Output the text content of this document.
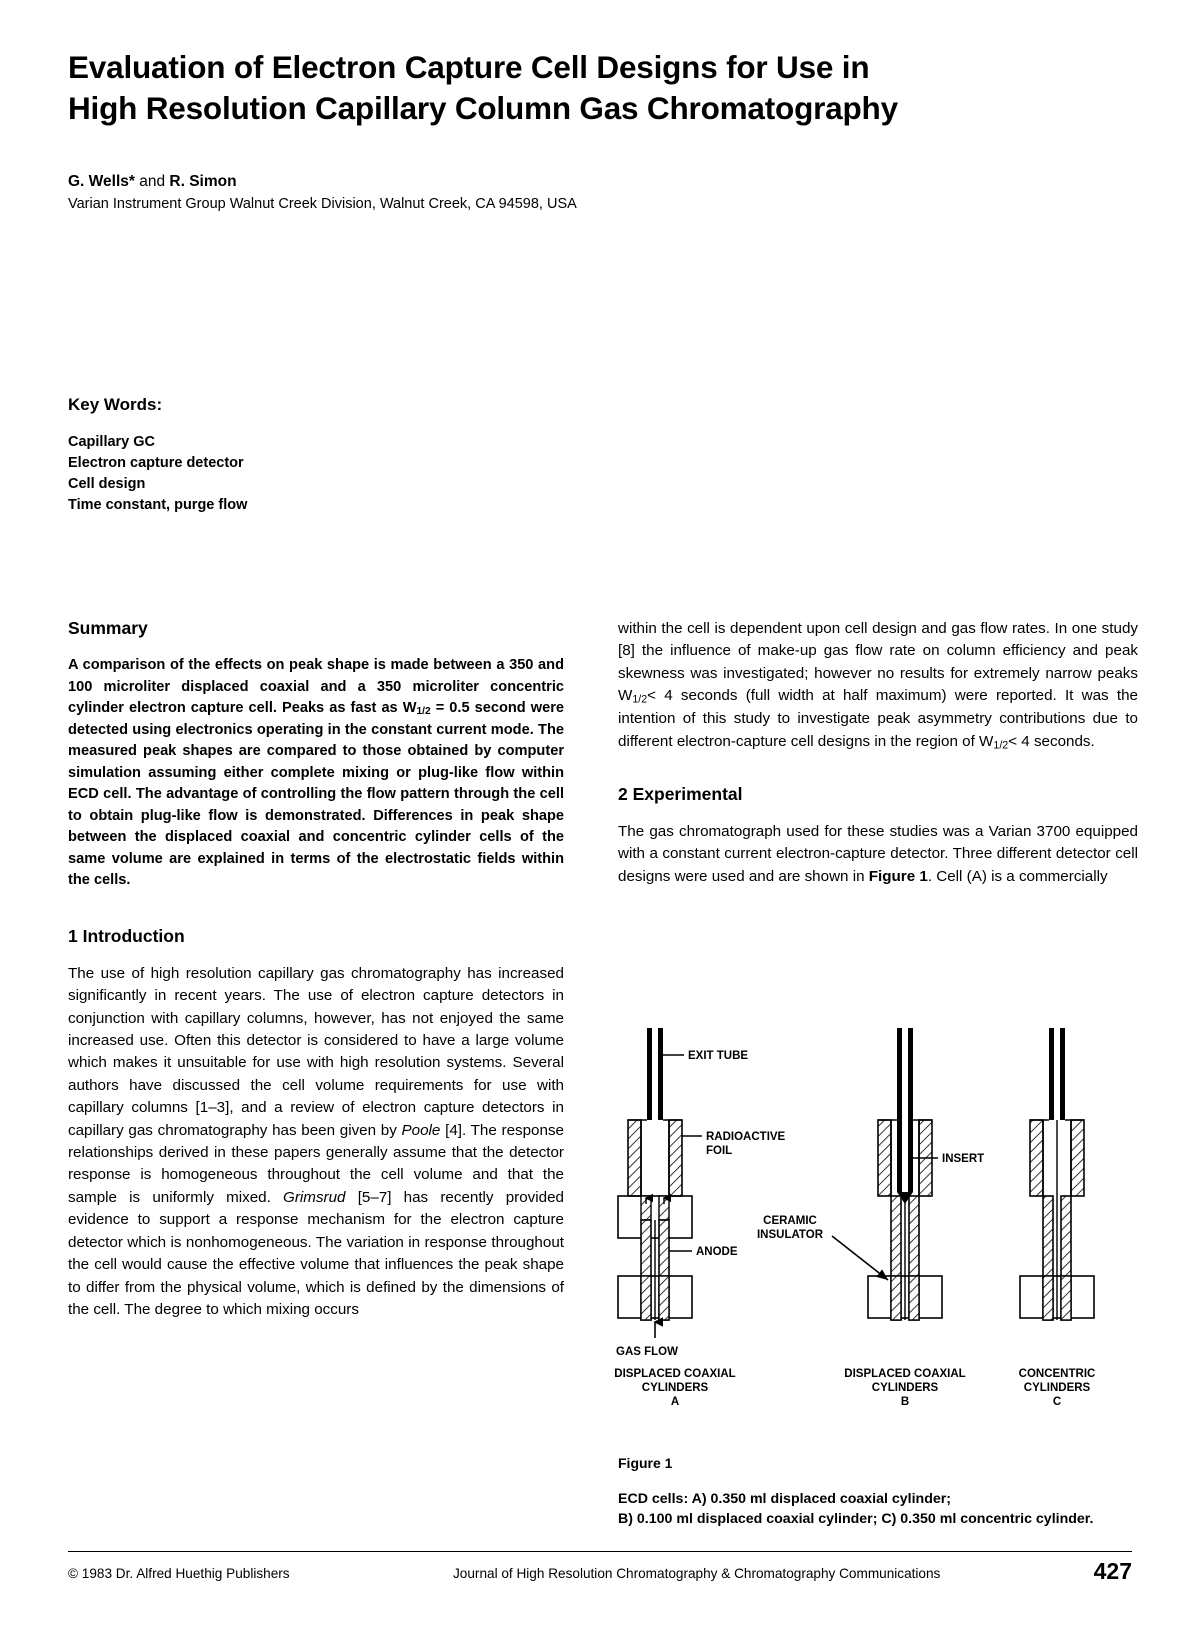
Evaluation of Electron Capture Cell Designs for Use in
High Resolution Capillary Column Gas Chromatography
G. Wells* and R. Simon
Varian Instrument Group Walnut Creek Division, Walnut Creek, CA 94598, USA
Key Words:
Capillary GC
Electron capture detector
Cell design
Time constant, purge flow
Summary

A comparison of the effects on peak shape is made between a 350 and 100 microliter displaced coaxial and a 350 microliter concentric cylinder electron capture cell. Peaks as fast as $W_{1/2} = 0.5$ second were detected using electronics operating in the constant current mode. The measured peak shapes are compared to those obtained by computer simulation assuming either complete mixing or plug-like flow within ECD cell. The advantage of controlling the flow pattern through the cell to obtain plug-like flow is demonstrated. Differences in peak shape between the displaced coaxial and concentric cylinder cells of the same volume are explained in terms of the electrostatic fields within the cells.

1 Introduction

The use of high resolution capillary gas chromatography has increased significantly in recent years. The use of electron capture detectors in conjunction with capillary columns, however, has not enjoyed the same increased use. Often this detector is considered to have a large volume which makes it unsuitable for use with high resolution systems. Several authors have discussed the cell volume requirements for use with capillary columns [1–3], and a review of electron capture detectors in capillary gas chromatography has been given by Poole [4]. The response relationships derived in these papers generally assume that the detector response is homogeneous throughout the cell volume and that the sample is uniformly mixed. Grimsrud [5–7] has recently provided evidence to support a response mechanism for the electron capture detector which is nonhomogeneous. The variation in response throughout the cell would cause the effective volume that influences the peak shape to differ from the physical volume, which is defined by the dimensions of the cell. The degree to which mixing occurs

within the cell is dependent upon cell design and gas flow rates. In one study [8] the influence of make-up gas flow rate on column efficiency and peak skewness was investigated; however no results for extremely narrow peaks $W_{1/2}< 4$ seconds (full width at half maximum) were reported. It was the intention of this study to investigate peak asymmetry contributions due to different electron-capture cell designs in the region of $W_{1/2}< 4$ seconds.

2 Experimental

The gas chromatograph used for these studies was a Varian 3700 equipped with a constant current electron-capture detector. Three different detector cell designs were used and are shown in Figure 1. Cell (A) is a commercially

EXIT TUBE
RADIOACTIVE
FOIL
ANODE
GAS FLOW
DISPLACED COAXIAL
CYLINDERS
A
INSERT
CERAMIC
INSULATOR
DISPLACED COAXIAL
CYLINDERS
B
CONCENTRIC
CYLINDERS
C
Figure 1
ECD cells: A) 0.350 ml displaced coaxial cylinder;
B) 0.100 ml displaced coaxial cylinder; C) 0.350 ml concentric cylinder.
© 1983 Dr. Alfred Huethig Publishers	Journal of High Resolution Chromatography & Chromatography Communications	427
